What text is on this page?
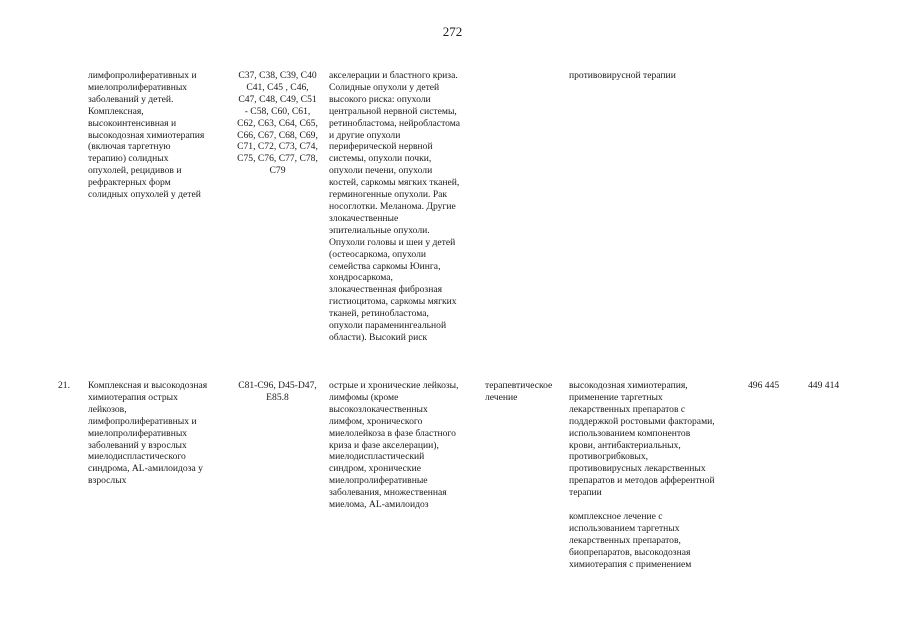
272
лимфопролиферативных и
миелопролиферативных
заболеваний у детей.
Комплексная,
высокоинтенсивная и
высокодозная химиотерапия
(включая таргетную
терапию) солидных
опухолей, рецидивов и
рефрактерных форм
солидных опухолей у детей
C37, C38, C39, C40
C41, C45 , C46,
C47, C48, C49, C51
- C58, C60, C61,
C62, C63, C64, C65,
C66, C67, C68, C69,
C71, C72, C73, C74,
C75, C76, C77, C78,
C79
акселерации и бластного криза.
Солидные опухоли у детей
высокого риска: опухоли
центральной нервной системы,
ретинобластома, нейробластома
и другие опухоли
периферической нервной
системы, опухоли почки,
опухоли печени, опухоли
костей, саркомы мягких тканей,
герминогенные опухоли. Рак
носоглотки. Меланома. Другие
злокачественные
эпителиальные опухоли.
Опухоли головы и шеи у детей
(остеосаркома, опухоли
семейства саркомы Юинга,
хондросаркома,
злокачественная фиброзная
гистиоцитома, саркомы мягких
тканей, ретинобластома,
опухоли параменингеальной
области). Высокий риск
противовирусной терапии
21.	Комплексная и высокодозная
химиотерапия острых
лейкозов,
лимфопролиферативных и
миелопролиферативных
заболеваний у взрослых
миелодиспластического
синдрома, AL-амилоидоза у
взрослых
C81-C96, D45-D47,
E85.8
острые и хронические лейкозы,
лимфомы (кроме
высокозлокачественных
лимфом, хронического
миелолейкоза в фазе бластного
криза и фазе акселерации),
миелодиспластический
синдром, хронические
миелопролиферативные
заболевания, множественная
миелома, AL-амилоидоз
терапевтическое
лечение
высокодозная химиотерапия,
применение таргетных
лекарственных препаратов с
поддержкой ростовыми факторами,
использованием компонентов
крови, антибактериальных,
противогрибковых,
противовирусных лекарственных
препаратов и методов афферентной
терапии

комплексное лечение с
использованием таргетных
лекарственных препаратов,
биопрепаратов, высокодозная
химиотерапия с применением
496 445	449 414
